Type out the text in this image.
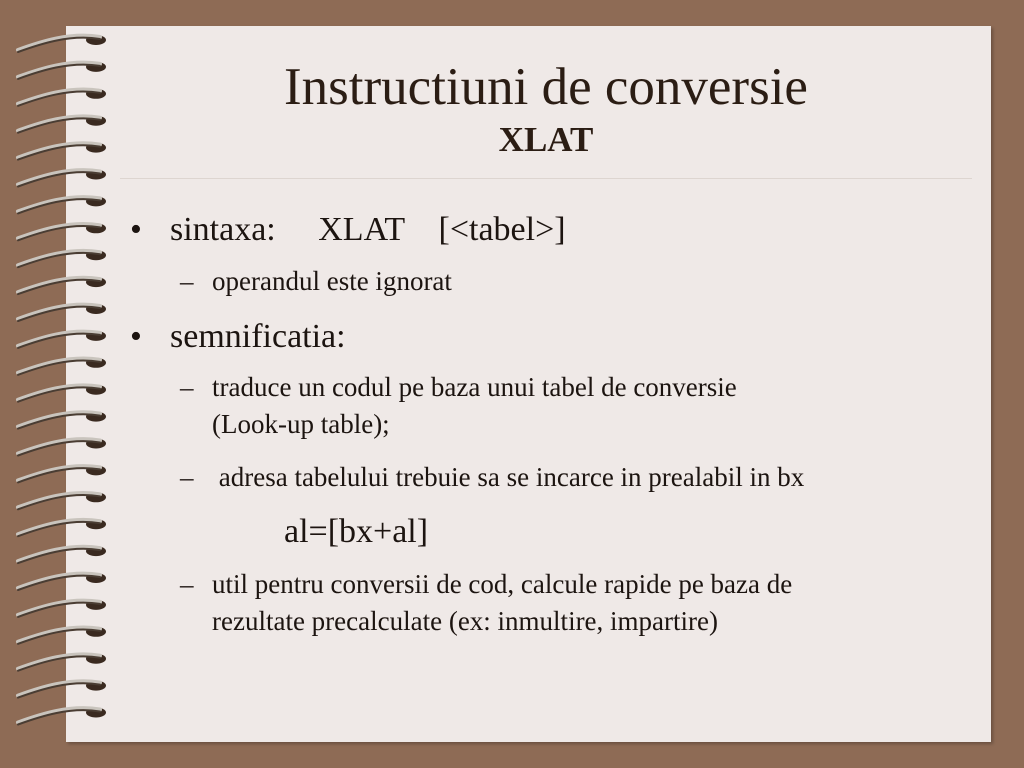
Instructiuni de conversie
XLAT
• sintaxa:     XLAT    [<tabel>]
– operandul este ignorat
• semnificatia:
– traduce un codul pe baza unui tabel de conversie
(Look-up table);
– adresa tabelului trebuie sa se incarce in prealabil in bx
al=[bx+al]
– util pentru conversii de cod, calcule rapide pe baza de
rezultate precalculate (ex: inmultire, impartire)
